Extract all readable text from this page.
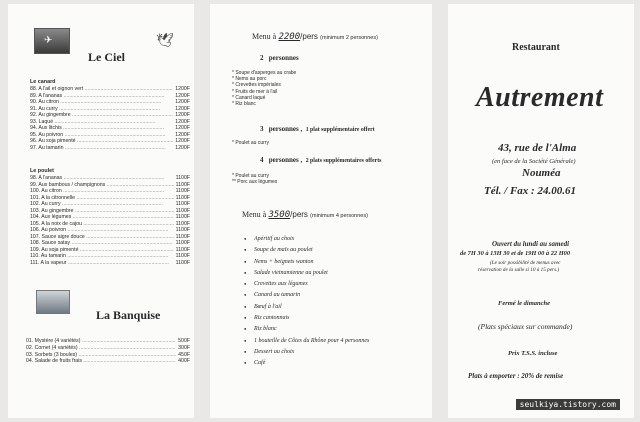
✈
Le Ciel
🕊
Le canard
Le poulet
La Banquise
88. A l'ail et oignon vert .....	1200F
89. A l'ananas .....	1200F
90. Au citron .....	1200F
91. Au curry .....	1200F
92. Au gingembre .....	1200F
93. Laqué .....	1200F
94. Aux litchis .....	1200F
95. Au poivron .....	1200F
96. Au soja pimenté .....	1200F
97. Au tamarin .....	1200F
98. A l'ananas .....	1100F
99. Aux bambous / champignons .....	1100F
100. Au citron .....	1100F
101. A la citronnelle .....	1100F
102. Au curry .....	1100F
103. Au gingembre .....	1100F
104. Aux légumes .....	1100F
105. A la noix de cajou .....	1100F
106. Au poivron .....	1100F
107. Sauce aigre douce .....	1100F
108. Sauce satay .....	1100F
109. Au soja pimenté .....	1100F
110. Au tamarin .....	1100F
111. A la vapeur .....	1100F
01. Mystère (4 variétés) .....	500F
02. Cornet (4 variétés) .....	300F
03. Sorbets (3 boules) .....	450F
04. Salade de fruits frais .....	400F
Menu à 2200/pers (minimum 2 personnes)
2 personnes
* Soupe d'asperges au crabe
* Nems au porc
* Crevettes impériales
* Fruits de mer à l'ail
* Canard laqué
* Riz blanc
3 personnes , 1 plat supplémentaire offert
* Poulet au curry
4 personnes , 2 plats supplémentaires offerts
* Poulet au curry
** Porc aux légumes
Menu à 3500/pers (minimum 4 personnes)
● Apéritif au choix
● Soupe de maïs au poulet
● Nems + beignets wanton
● Salade vietnamienne au poulet
● Crevettes aux légumes
● Canard au tamarin
● Bœuf à l'ail
● Riz cantonnais
● Riz blanc
● 1 bouteille de Côtes du Rhône pour 4 personnes
● Dessert au choix
● Café
Restaurant
Autrement
43, rue de l'Alma
(en face de la Société Générale)
Nouméa
Tél. / Fax : 24.00.61
Ouvert du lundi au samedi
de 7H 30 à 13H 30 et de 19H 00 à 22 H00
(Le soir possibilité de menus avec
réservation de la salle si 10 à 15 pers.)
Fermé le dimanche
(Plats spéciaux sur commande)
Prix T.S.S. incluse
Plats à emporter : 20% de remise
seulkiya.tistory.com
